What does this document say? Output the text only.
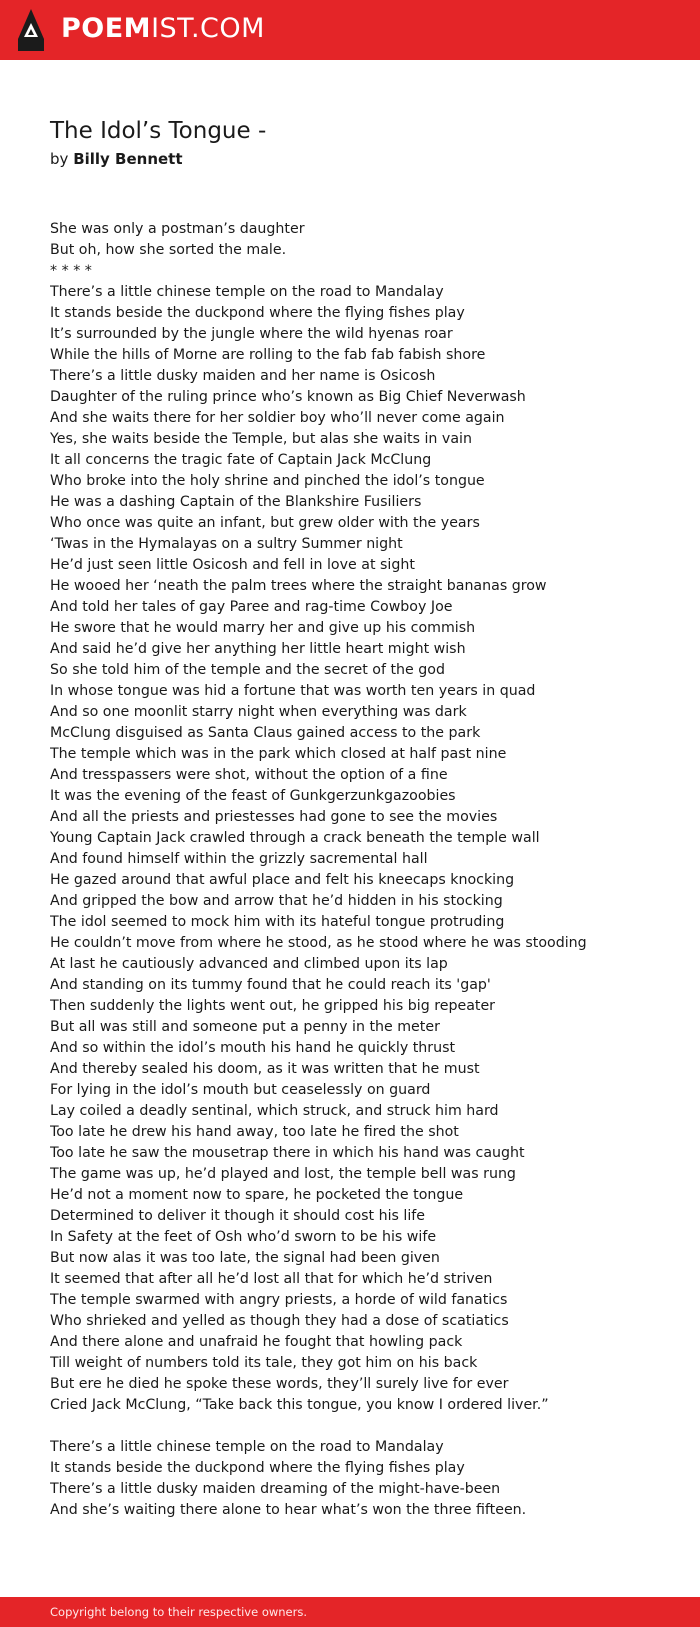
POEMIST.COM
The Idol’s Tongue -
by Billy Bennett
She was only a postman’s daughter
But oh, how she sorted the male.
* * * *
There’s a little chinese temple on the road to Mandalay
It stands beside the duckpond where the flying fishes play
It’s surrounded by the jungle where the wild hyenas roar
While the hills of Morne are rolling to the fab fab fabish shore
There’s a little dusky maiden and her name is Osicosh
Daughter of the ruling prince who’s known as Big Chief Neverwash
And she waits there for her soldier boy who’ll never come again
Yes, she waits beside the Temple, but alas she waits in vain
It all concerns the tragic fate of Captain Jack McClung
Who broke into the holy shrine and pinched the idol’s tongue
He was a dashing Captain of the Blankshire Fusiliers
Who once was quite an infant, but grew older with the years
‘Twas in the Hymalayas on a sultry Summer night
He’d just seen little Osicosh and fell in love at sight
He wooed her ‘neath the palm trees where the straight bananas grow
And told her tales of gay Paree and rag-time Cowboy Joe
He swore that he would marry her and give up his commish
And said he’d give her anything her little heart might wish
So she told him of the temple and the secret of the god
In whose tongue was hid a fortune that was worth ten years in quad
And so one moonlit starry night when everything was dark
McClung disguised as Santa Claus gained access to the park
The temple which was in the park which closed at half past nine
And tresspassers were shot, without the option of a fine
It was the evening of the feast of Gunkgerzunkgazoobies
And all the priests and priestesses had gone to see the movies
Young Captain Jack crawled through a crack beneath the temple wall
And found himself within the grizzly sacremental hall
He gazed around that awful place and felt his kneecaps knocking
And gripped the bow and arrow that he’d hidden in his stocking
The idol seemed to mock him with its hateful tongue protruding
He couldn’t move from where he stood, as he stood where he was stooding
At last he cautiously advanced and climbed upon its lap
And standing on its tummy found that he could reach its 'gap'
Then suddenly the lights went out, he gripped his big repeater
But all was still and someone put a penny in the meter
And so within the idol’s mouth his hand he quickly thrust
And thereby sealed his doom, as it was written that he must
For lying in the idol’s mouth but ceaselessly on guard
Lay coiled a deadly sentinal, which struck, and struck him hard
Too late he drew his hand away, too late he fired the shot
Too late he saw the mousetrap there in which his hand was caught
The game was up, he’d played and lost, the temple bell was rung
He’d not a moment now to spare, he pocketed the tongue
Determined to deliver it though it should cost his life
In Safety at the feet of Osh who’d sworn to be his wife
But now alas it was too late, the signal had been given
It seemed that after all he’d lost all that for which he’d striven
The temple swarmed with angry priests, a horde of wild fanatics
Who shrieked and yelled as though they had a dose of scatiatics
And there alone and unafraid he fought that howling pack
Till weight of numbers told its tale, they got him on his back
But ere he died he spoke these words, they’ll surely live for ever
Cried Jack McClung, “Take back this tongue, you know I ordered liver.”
There’s a little chinese temple on the road to Mandalay
It stands beside the duckpond where the flying fishes play
There’s a little dusky maiden dreaming of the might-have-been
And she’s waiting there alone to hear what’s won the three fifteen.
Copyright belong to their respective owners.
